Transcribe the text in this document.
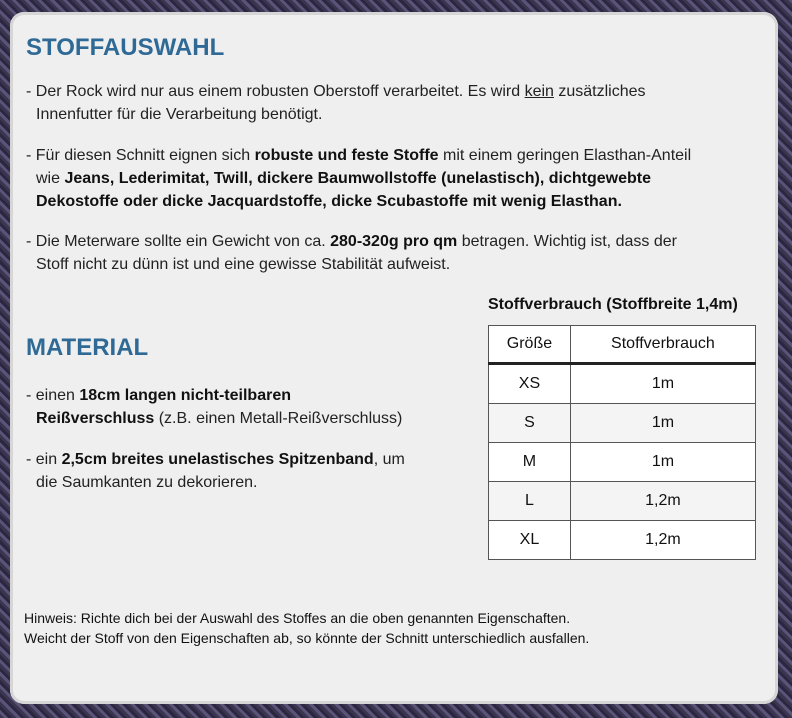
STOFFAUSWAHL

- Der Rock wird nur aus einem robusten Oberstoff verarbeitet. Es wird kein zusätzliches
Innenfutter für die Verarbeitung benötigt.

- Für diesen Schnitt eignen sich robuste und feste Stoffe mit einem geringen Elasthan-Anteil
wie Jeans, Lederimitat, Twill, dickere Baumwollstoffe (unelastisch), dichtgewebte
Dekostoffe oder dicke Jacquardstoffe, dicke Scubastoffe mit wenig Elasthan.

- Die Meterware sollte ein Gewicht von ca. 280-320g pro qm betragen. Wichtig ist, dass der
Stoff nicht zu dünn ist und eine gewisse Stabilität aufweist.

MATERIAL

- einen 18cm langen nicht-teilbaren
Reißverschluss (z.B. einen Metall-Reißverschluss)

- ein 2,5cm breites unelastisches Spitzenband, um
die Saumkanten zu dekorieren.

Stoffverbrauch (Stoffbreite 1,4m)
Größe	Stoffverbrauch
XS	1m
S	1m
M	1m
L	1,2m
XL	1,2m

Hinweis: Richte dich bei der Auswahl des Stoffes an die oben genannten Eigenschaften.
Weicht der Stoff von den Eigenschaften ab, so könnte der Schnitt unterschiedlich ausfallen.
